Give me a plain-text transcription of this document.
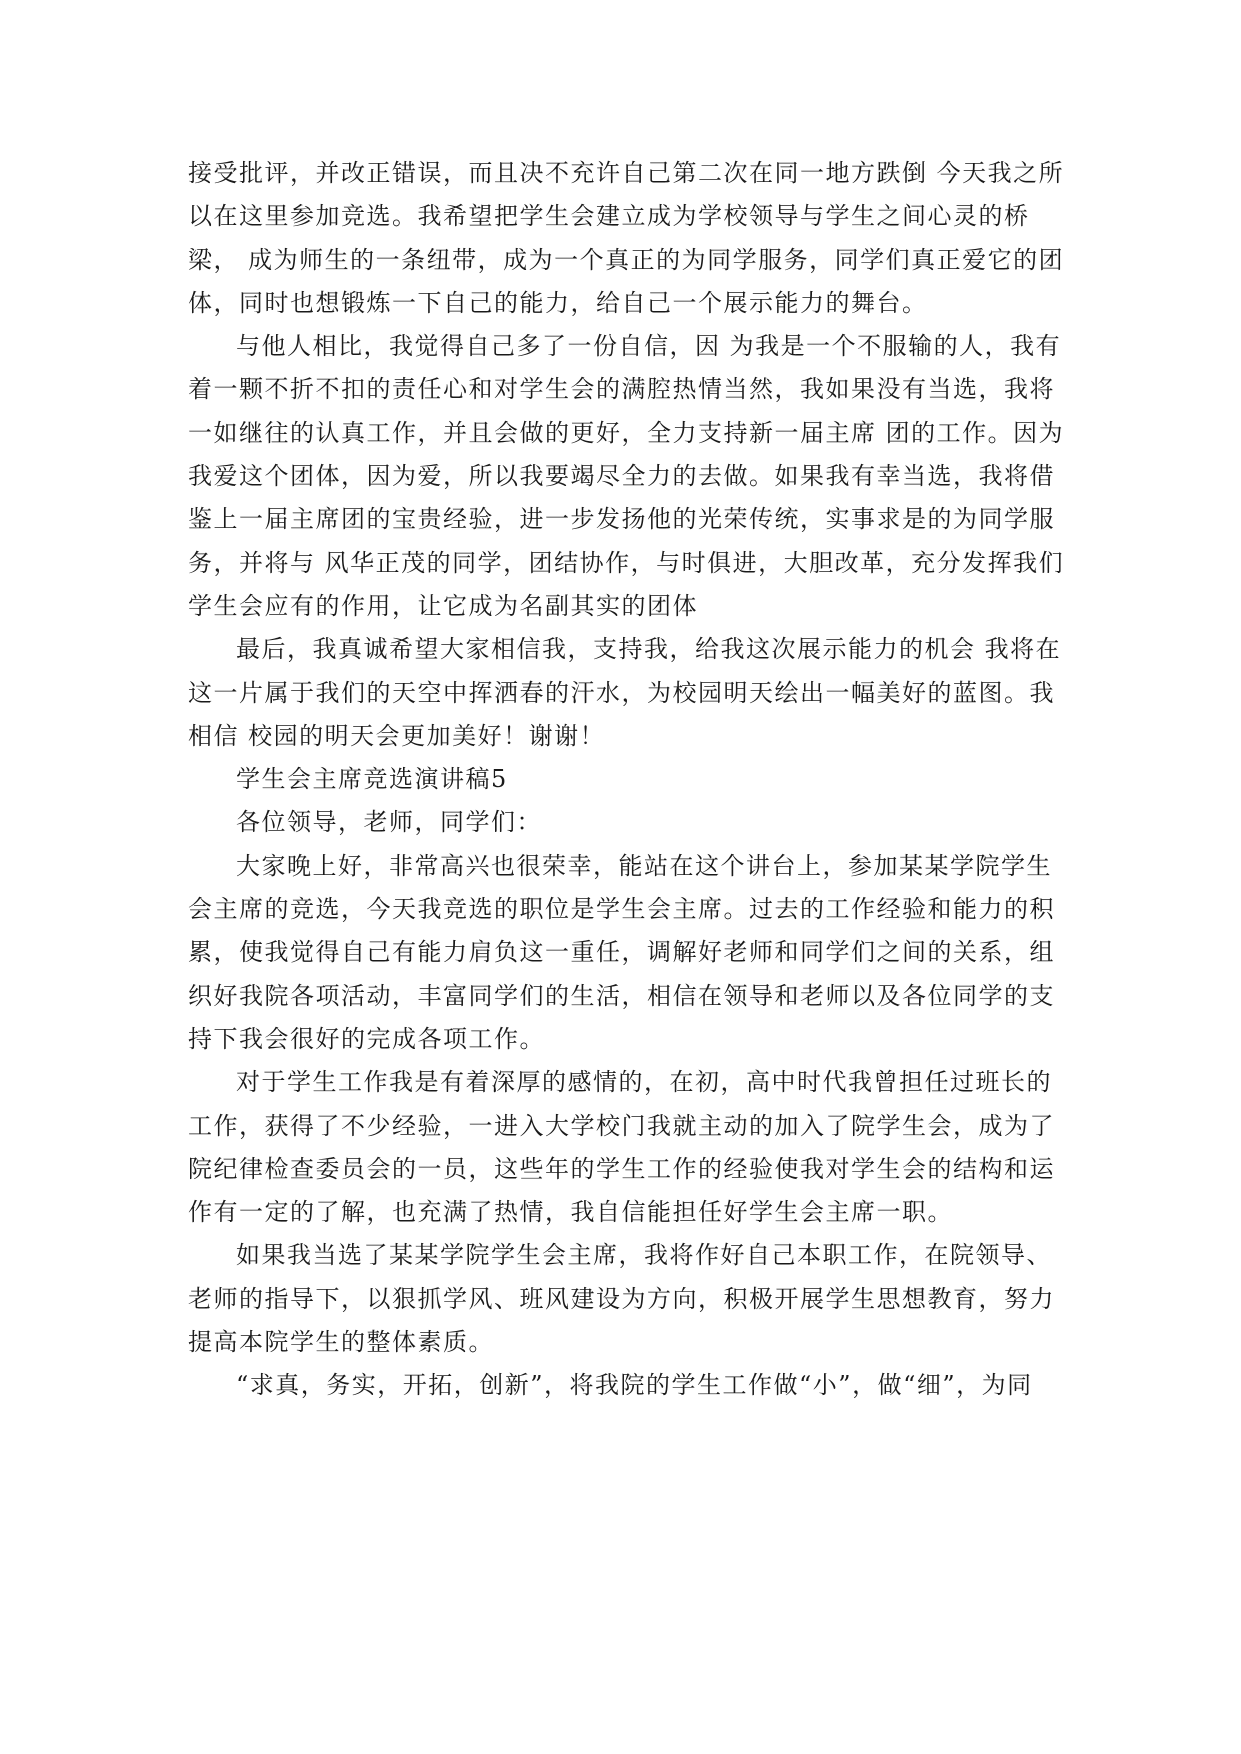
接受批评，并改正错误，而且决不充许自己第二次在同一地方跌倒 今天我之所
以在这里参加竞选。我希望把学生会建立成为学校领导与学生之间心灵的桥
梁， 成为师生的一条纽带，成为一个真正的为同学服务，同学们真正爱它的团
体，同时也想锻炼一下自己的能力，给自己一个展示能力的舞台。
与他人相比，我觉得自己多了一份自信，因 为我是一个不服输的人，我有
着一颗不折不扣的责任心和对学生会的满腔热情当然，我如果没有当选，我将
一如继往的认真工作，并且会做的更好，全力支持新一届主席 团的工作。因为
我爱这个团体，因为爱，所以我要竭尽全力的去做。如果我有幸当选，我将借
鉴上一届主席团的宝贵经验，进一步发扬他的光荣传统，实事求是的为同学服
务，并将与 风华正茂的同学，团结协作，与时俱进，大胆改革，充分发挥我们
学生会应有的作用，让它成为名副其实的团体
最后，我真诚希望大家相信我，支持我，给我这次展示能力的机会 我将在
这一片属于我们的天空中挥洒春的汗水，为校园明天绘出一幅美好的蓝图。我
相信 校园的明天会更加美好！谢谢！
学生会主席竞选演讲稿5
各位领导，老师，同学们：
大家晚上好，非常高兴也很荣幸，能站在这个讲台上，参加某某学院学生
会主席的竞选，今天我竞选的职位是学生会主席。过去的工作经验和能力的积
累，使我觉得自己有能力肩负这一重任，调解好老师和同学们之间的关系，组
织好我院各项活动，丰富同学们的生活，相信在领导和老师以及各位同学的支
持下我会很好的完成各项工作。
对于学生工作我是有着深厚的感情的，在初，高中时代我曾担任过班长的
工作，获得了不少经验，一进入大学校门我就主动的加入了院学生会，成为了
院纪律检查委员会的一员，这些年的学生工作的经验使我对学生会的结构和运
作有一定的了解，也充满了热情，我自信能担任好学生会主席一职。
如果我当选了某某学院学生会主席，我将作好自己本职工作，在院领导、
老师的指导下，以狠抓学风、班风建设为方向，积极开展学生思想教育，努力
提高本院学生的整体素质。
“求真，务实，开拓，创新”，将我院的学生工作做“小”，做“细”，为同
